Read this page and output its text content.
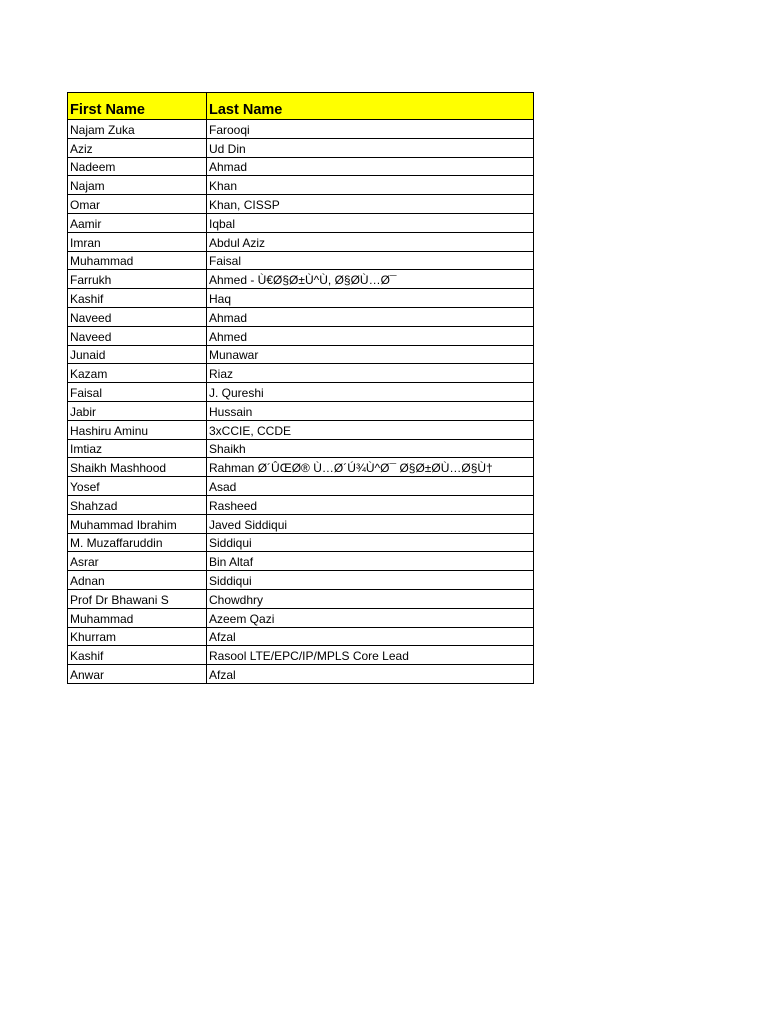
First Name	Last Name
Najam Zuka	Farooqi
Aziz	Ud Din
Nadeem	Ahmad
Najam	Khan
Omar	Khan, CISSP
Aamir	Iqbal
Imran	Abdul Aziz
Muhammad	Faisal
Farrukh	Ahmed - Ù€Ø§Ø±Ù^Ù, Ø§ØÙ…Ø¯
Kashif	Haq
Naveed	Ahmad
Naveed	Ahmed
Junaid	Munawar
Kazam	Riaz
Faisal	J. Qureshi
Jabir	Hussain
Hashiru Aminu	3xCCIE, CCDE
Imtiaz	Shaikh
Shaikh Mashhood	Rahman Ø´ÛŒØ® Ù…Ø´Ú¾Ù^Ø¯ Ø§Ø±ØÙ…Ø§Ù†
Yosef	Asad
Shahzad	Rasheed
Muhammad Ibrahim	Javed Siddiqui
M. Muzaffaruddin	Siddiqui
Asrar	Bin Altaf
Adnan	Siddiqui
Prof Dr Bhawani S	Chowdhry
Muhammad	Azeem Qazi
Khurram	Afzal
Kashif	Rasool LTE/EPC/IP/MPLS Core Lead
Anwar	Afzal
